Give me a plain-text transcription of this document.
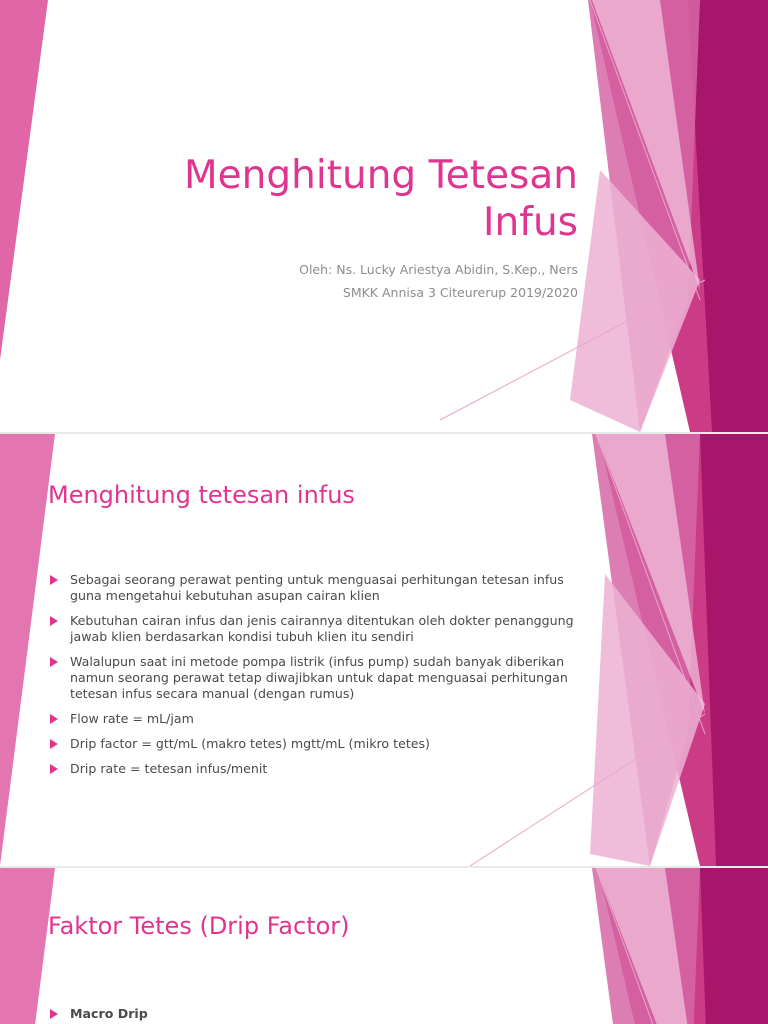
Menghitung Tetesan
Infus

Oleh: Ns. Lucky Ariestya Abidin, S.Kep., Ners

SMKK Annisa 3 Citeurerup 2019/2020

Menghitung tetesan infus
Sebagai seorang perawat penting untuk menguasai perhitungan tetesan infus guna mengetahui kebutuhan asupan cairan klien
Kebutuhan cairan infus dan jenis cairannya ditentukan oleh dokter penanggung jawab klien berdasarkan kondisi tubuh klien itu sendiri
Walalupun saat ini metode pompa listrik (infus pump) sudah banyak diberikan namun seorang perawat tetap diwajibkan untuk dapat menguasai perhitungan tetesan infus secara manual (dengan rumus)
Flow rate = mL/jam
Drip factor = gtt/mL (makro tetes) mgtt/mL (mikro tetes)
Drip rate = tetesan infus/menit
Faktor Tetes (Drip Factor)
Macro Drip
